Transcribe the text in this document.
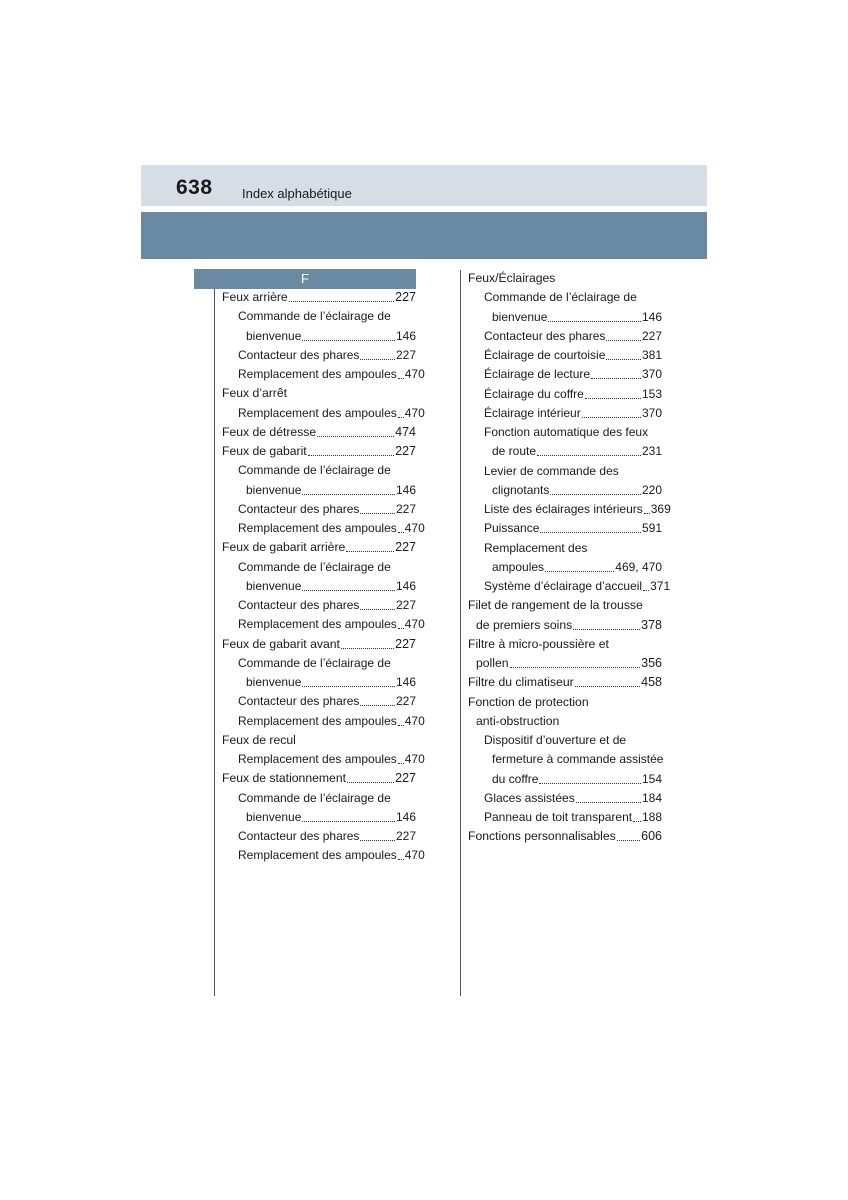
638 Index alphabétique
F
Feux arrière	227
Commande de l’éclairage de
bienvenue	146
Contacteur des phares	227
Remplacement des ampoules 470
Feux d’arrêt
Remplacement des ampoules 470
Feux de détresse	474
Feux de gabarit	227
Commande de l’éclairage de
bienvenue	146
Contacteur des phares	227
Remplacement des ampoules 470
Feux de gabarit arrière	227
Commande de l’éclairage de
bienvenue	146
Contacteur des phares	227
Remplacement des ampoules 470
Feux de gabarit avant	227
Commande de l’éclairage de
bienvenue	146
Contacteur des phares	227
Remplacement des ampoules 470
Feux de recul
Remplacement des ampoules 470
Feux de stationnement	227
Commande de l’éclairage de
bienvenue	146
Contacteur des phares	227
Remplacement des ampoules 470
Feux/Éclairages
Commande de l’éclairage de
bienvenue	146
Contacteur des phares	227
Éclairage de courtoisie	381
Éclairage de lecture	370
Éclairage du coffre	153
Éclairage intérieur	370
Fonction automatique des feux
de route	231
Levier de commande des
clignotants	220
Liste des éclairages intérieurs 369
Puissance	591
Remplacement des
ampoules	469, 470
Système d’éclairage d’accueil 371
Filet de rangement de la trousse
de premiers soins	378
Filtre à micro-poussière et
pollen	356
Filtre du climatiseur	458
Fonction de protection
anti-obstruction
Dispositif d’ouverture et de
fermeture à commande assistée
du coffre	154
Glaces assistées	184
Panneau de toit transparent 188
Fonctions personnalisables 606
